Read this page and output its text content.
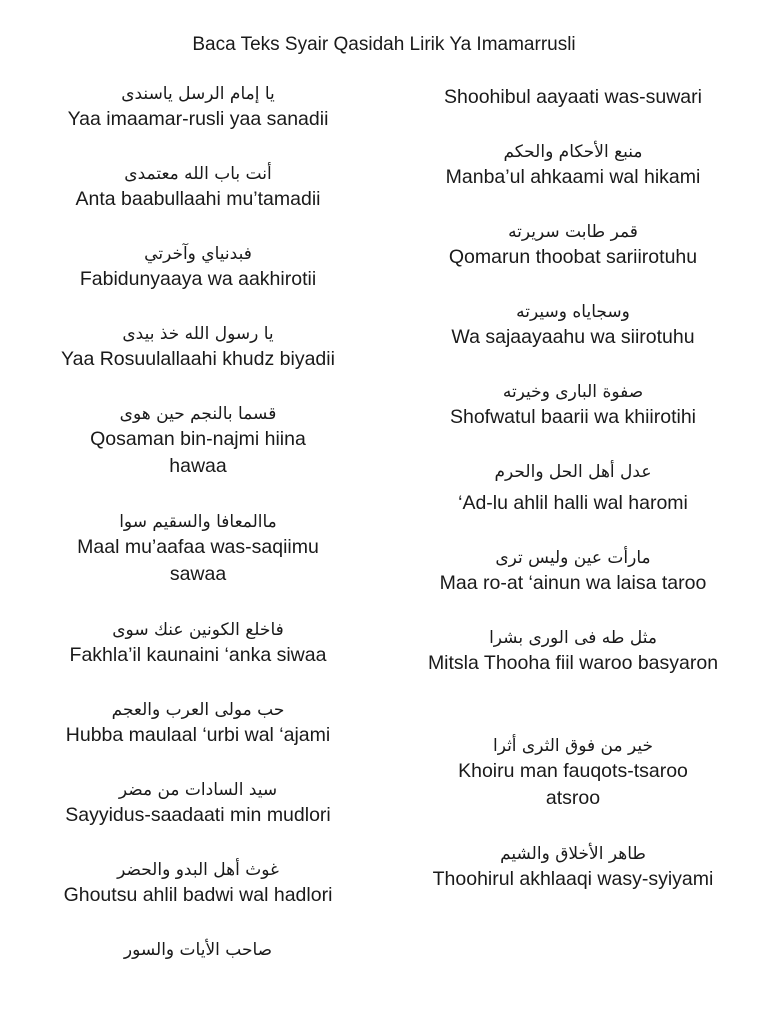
Baca Teks Syair Qasidah Lirik Ya Imamarrusli
يا إمام الرسل ياسندى
Yaa imaamar-rusli yaa sanadii
أنت باب الله معتمدى
Anta baabullaahi mu’tamadii
فبدنياي وآخرتي
Fabidunyaaya wa aakhirotii
يا رسول الله خذ بيدى
Yaa Rosuulallaahi khudz biyadii
قسما بالنجم حين هوى
Qosaman bin-najmi hiina hawaa
ماالمعافا والسقيم سوا
Maal mu’aafaa was-saqiimu sawaa
فاخلع الكونين عنك سوى
Fakhla’il kaunaini ‘anka siwaa
حب مولى العرب والعجم
Hubba maulaal ‘urbi wal ‘ajami
سيد السادات من مضر
Sayyidus-saadaati min mudlori
غوث أهل البدو والحضر
Ghoutsu ahlil badwi wal hadlori
صاحب الأيات والسور
Shoohibul aayaati was-suwari
منبع الأحكام والحكم
Manba’ul ahkaami wal hikami
قمر طابت سريرته
Qomarun thoobat sariirotuhu
وسجاياه وسيرته
Wa sajaayaahu wa siirotuhu
صفوة البارى وخيرته
Shofwatul baarii wa khiirotihi
عدل أهل الحل والحرم
‘Ad-lu ahlil halli wal haromi
مارأت عين وليس ترى
Maa ro-at ‘ainun wa laisa taroo
مثل طه فى الورى بشرا
Mitsla Thooha fiil waroo basyaron
خير من فوق الثرى أثرا
Khoiru man fauqots-tsaroo atsroo
طاهر الأخلاق والشيم
Thoohirul akhlaaqi wasy-syiyami
